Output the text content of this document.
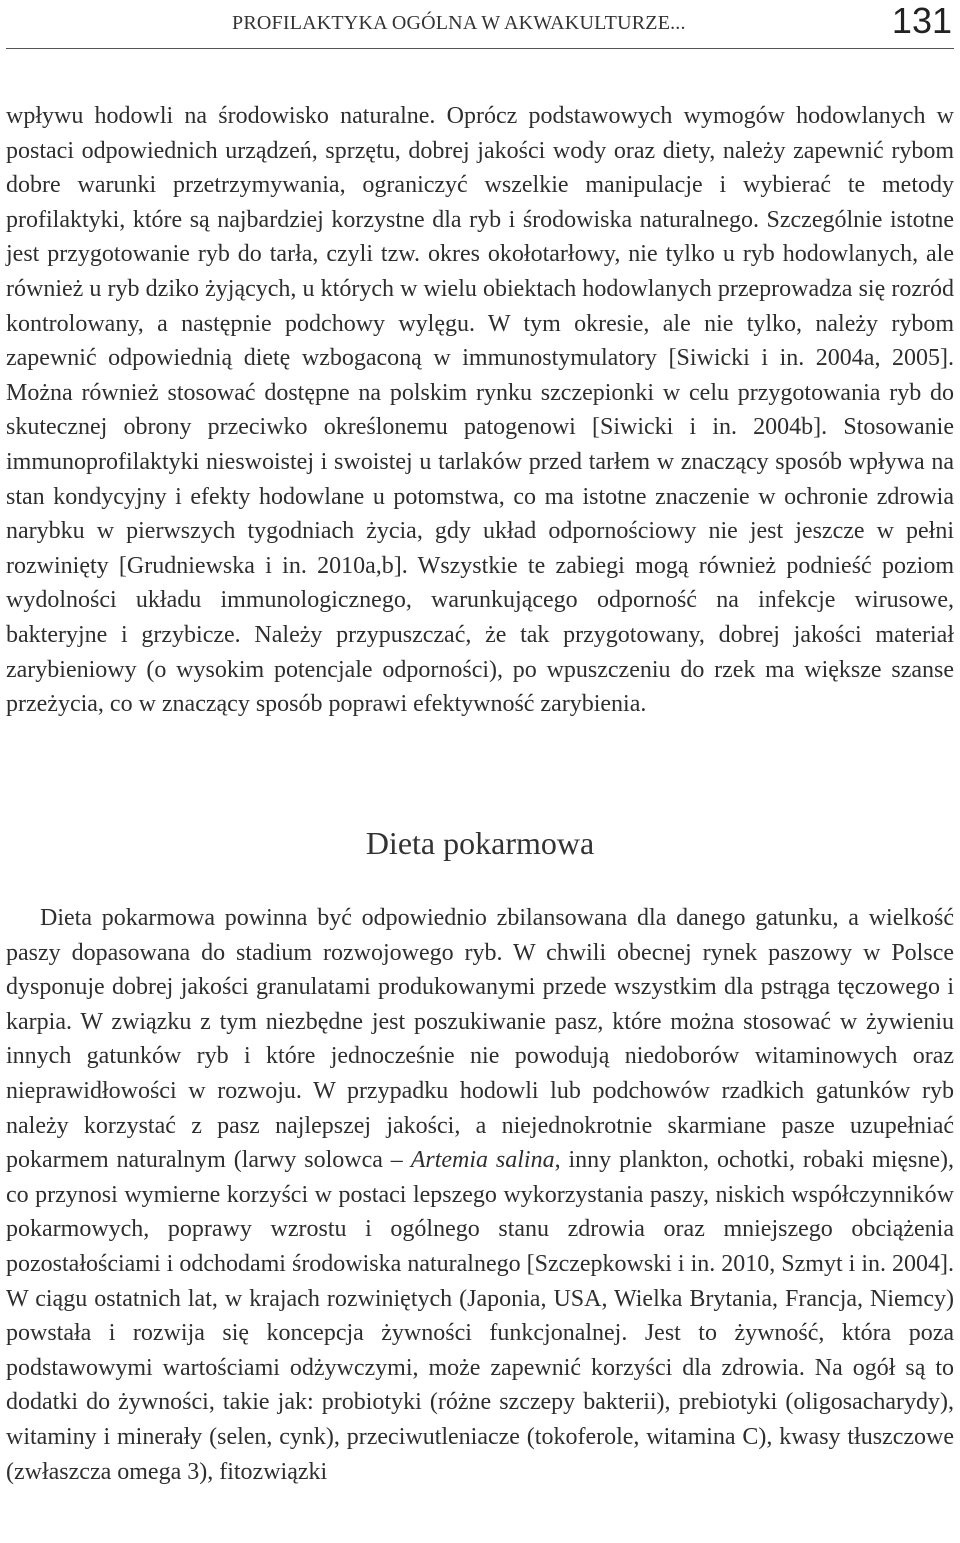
PROFILAKTYKA OGÓLNA W AKWAKULTURZE...	131

wpływu hodowli na środowisko naturalne. Oprócz podstawowych wymogów hodowlanych w postaci odpowiednich urządzeń, sprzętu, dobrej jakości wody oraz diety, należy zapewnić rybom dobre warunki przetrzymywania, ograniczyć wszelkie manipulacje i wybierać te metody profilaktyki, które są najbardziej korzystne dla ryb i środowiska naturalnego. Szczególnie istotne jest przygotowanie ryb do tarła, czyli tzw. okres okołotarłowy, nie tylko u ryb hodowlanych, ale również u ryb dziko żyjących, u których w wielu obiektach hodowlanych przeprowadza się rozród kontrolowany, a następnie podchowy wylęgu. W tym okresie, ale nie tylko, należy rybom zapewnić odpowiednią dietę wzbogaconą w immunostymulatory [Siwicki i in. 2004a, 2005]. Można również stosować dostępne na polskim rynku szczepionki w celu przygotowania ryb do skutecznej obrony przeciwko określonemu patogenowi [Siwicki i in. 2004b]. Stosowanie immunoprofilaktyki nieswoistej i swoistej u tarlaków przed tarłem w znaczący sposób wpływa na stan kondycyjny i efekty hodowlane u potomstwa, co ma istotne znaczenie w ochronie zdrowia narybku w pierwszych tygodniach życia, gdy układ odpornościowy nie jest jeszcze w pełni rozwinięty [Grudniewska i in. 2010a,b]. Wszystkie te zabiegi mogą również podnieść poziom wydolności układu immunologicznego, warunkującego odporność na infekcje wirusowe, bakteryjne i grzybicze. Należy przypuszczać, że tak przygotowany, dobrej jakości materiał zarybieniowy (o wysokim potencjale odporności), po wpuszczeniu do rzek ma większe szanse przeżycia, co w znaczący sposób poprawi efektywność zarybienia.

Dieta pokarmowa

Dieta pokarmowa powinna być odpowiednio zbilansowana dla danego gatunku, a wielkość paszy dopasowana do stadium rozwojowego ryb. W chwili obecnej rynek paszowy w Polsce dysponuje dobrej jakości granulatami produkowanymi przede wszystkim dla pstrąga tęczowego i karpia. W związku z tym niezbędne jest poszukiwanie pasz, które można stosować w żywieniu innych gatunków ryb i które jednocześnie nie powodują niedoborów witaminowych oraz nieprawidłowości w rozwoju. W przypadku hodowli lub podchowów rzadkich gatunków ryb należy korzystać z pasz najlepszej jakości, a niejednokrotnie skarmiane pasze uzupełniać pokarmem naturalnym (larwy solowca – Artemia salina, inny plankton, ochotki, robaki mięsne), co przynosi wymierne korzyści w postaci lepszego wykorzystania paszy, niskich współczynników pokarmowych, poprawy wzrostu i ogólnego stanu zdrowia oraz mniejszego obciążenia pozostałościami i odchodami środowiska naturalnego [Szczepkowski i in. 2010, Szmyt i in. 2004]. W ciągu ostatnich lat, w krajach rozwiniętych (Japonia, USA, Wielka Brytania, Francja, Niemcy) powstała i rozwija się koncepcja żywności funkcjonalnej. Jest to żywność, która poza podstawowymi wartościami odżywczymi, może zapewnić korzyści dla zdrowia. Na ogół są to dodatki do żywności, takie jak: probiotyki (różne szczepy bakterii), prebiotyki (oligosacharydy), witaminy i minerały (selen, cynk), przeciwutleniacze (tokoferole, witamina C), kwasy tłuszczowe (zwłaszcza omega 3), fitozwiązki
